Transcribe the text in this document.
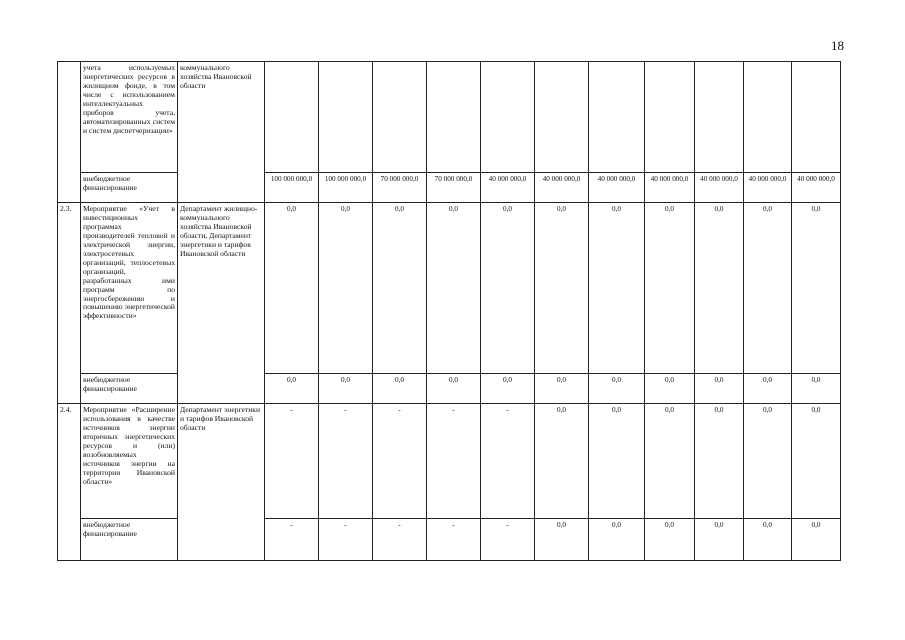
18
	учета используемых энергетических ресурсов в жилищном фонде, в том числе с использованием интеллектуальных приборов учета, автоматизированных систем и систем диспетчеризации»	коммунального хозяйства Ивановской области											
	внебюджетное финансирование		100 000 000,0	100 000 000,0	70 000 000,0	70 000 000,0	40 000 000,0	40 000 000,0	40 000 000,0	40 000 000,0	40 000 000,0	40 000 000,0	40 000 000,0
2.3.	Мероприятие «Учет в инвестиционных программах производителей тепловой и электрической энергии, электросетевых организаций, теплосетевых организаций, разработанных ими программ по энергосбережению и повышению энергетической эффективности»	Департамент жилищно-коммунального хозяйства Ивановской области, Департамент энергетики и тарифов Ивановской области	0,0	0,0	0,0	0,0	0,0	0,0	0,0	0,0	0,0	0,0	0,0
	внебюджетное финансирование		0,0	0,0	0,0	0,0	0,0	0,0	0,0	0,0	0,0	0,0	0,0
2.4.	Мероприятие «Расширение использования в качестве источников энергии вторичных энергетических ресурсов и (или) возобновляемых источников энергии на территории Ивановской области»	Департамент энергетики и тарифов Ивановской области	-	-	-	-	-	0,0	0,0	0,0	0,0	0,0	0,0
	внебюджетное финансирование		-	-	-	-	-	0,0	0,0	0,0	0,0	0,0	0,0
